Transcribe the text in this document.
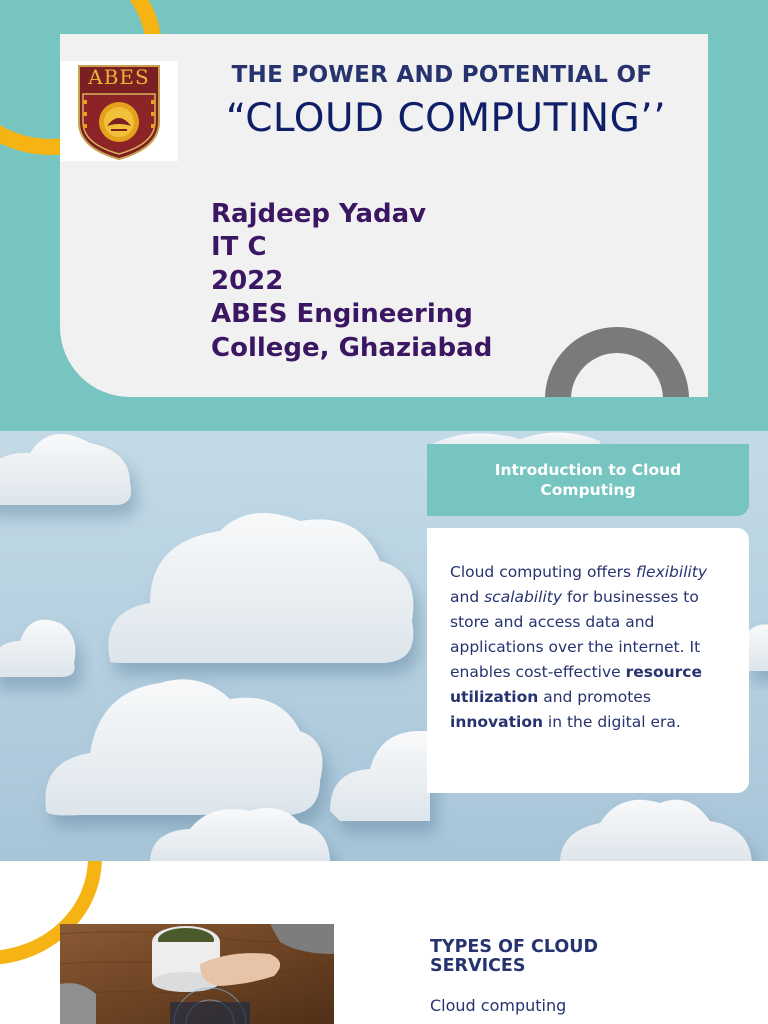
ABES	THE POWER AND POTENTIAL OF
“CLOUD COMPUTING’’
Rajdeep Yadav
IT C
2022
ABES Engineering
College, Ghaziabad
Introduction to Cloud Computing

Cloud computing offers flexibility and scalability for businesses to store and access data and applications over the internet. It enables cost-effective resource utilization and promotes innovation in the digital era.

TYPES OF CLOUD SERVICES
Cloud computing
